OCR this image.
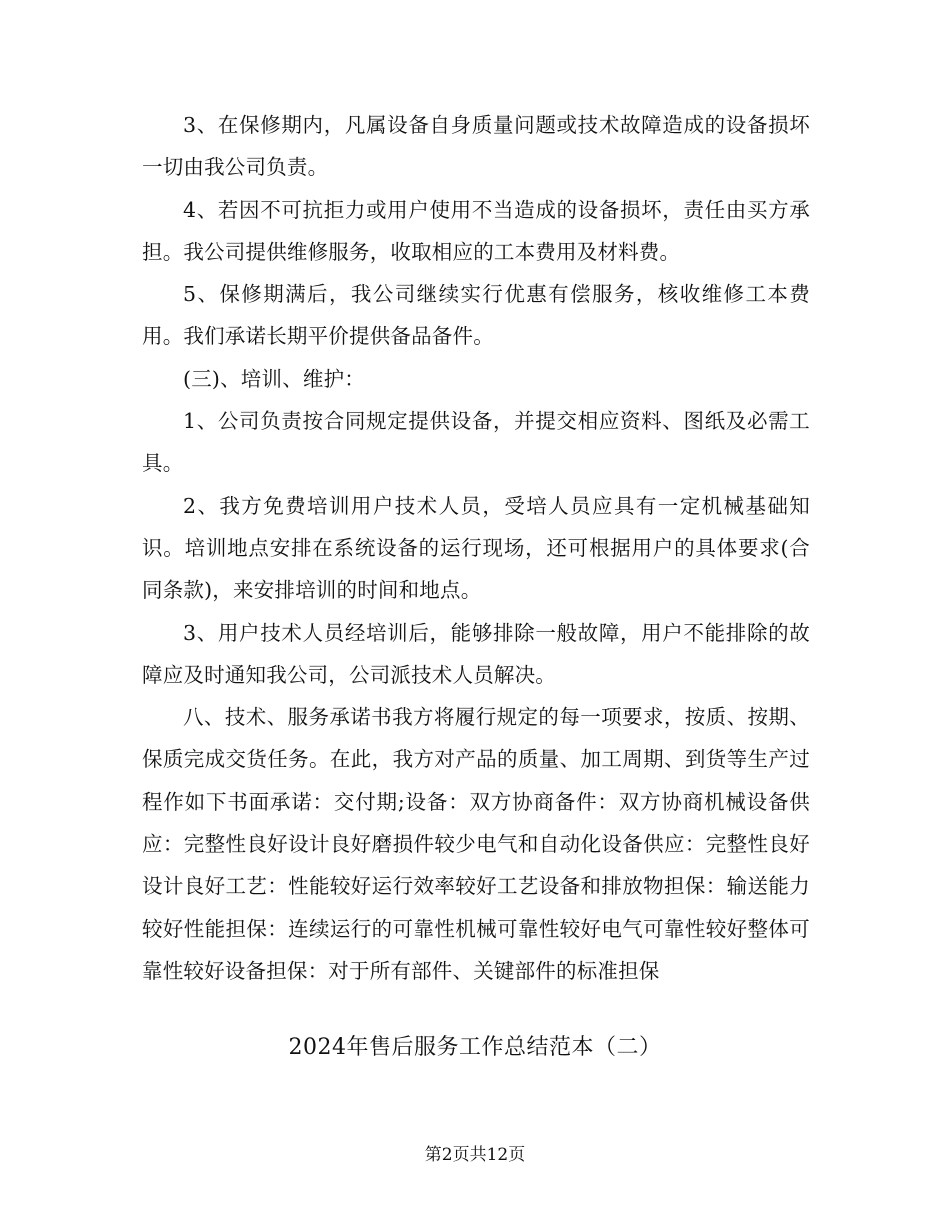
3、在保修期内，凡属设备自身质量问题或技术故障造成的设备损坏一切由我公司负责。

4、若因不可抗拒力或用户使用不当造成的设备损坏，责任由买方承担。我公司提供维修服务，收取相应的工本费用及材料费。

5、保修期满后，我公司继续实行优惠有偿服务，核收维修工本费用。我们承诺长期平价提供备品备件。

(三)、培训、维护：

1、公司负责按合同规定提供设备，并提交相应资料、图纸及必需工具。

2、我方免费培训用户技术人员，受培人员应具有一定机械基础知识。培训地点安排在系统设备的运行现场，还可根据用户的具体要求(合同条款)，来安排培训的时间和地点。

3、用户技术人员经培训后，能够排除一般故障，用户不能排除的故障应及时通知我公司，公司派技术人员解决。

八、技术、服务承诺书我方将履行规定的每一项要求，按质、按期、保质完成交货任务。在此，我方对产品的质量、加工周期、到货等生产过程作如下书面承诺：交付期;设备：双方协商备件：双方协商机械设备供应：完整性良好设计良好磨损件较少电气和自动化设备供应：完整性良好设计良好工艺：性能较好运行效率较好工艺设备和排放物担保：输送能力较好性能担保：连续运行的可靠性机械可靠性较好电气可靠性较好整体可靠性较好设备担保：对于所有部件、关键部件的标准担保

2024年售后服务工作总结范本（二）
第2页共12页
